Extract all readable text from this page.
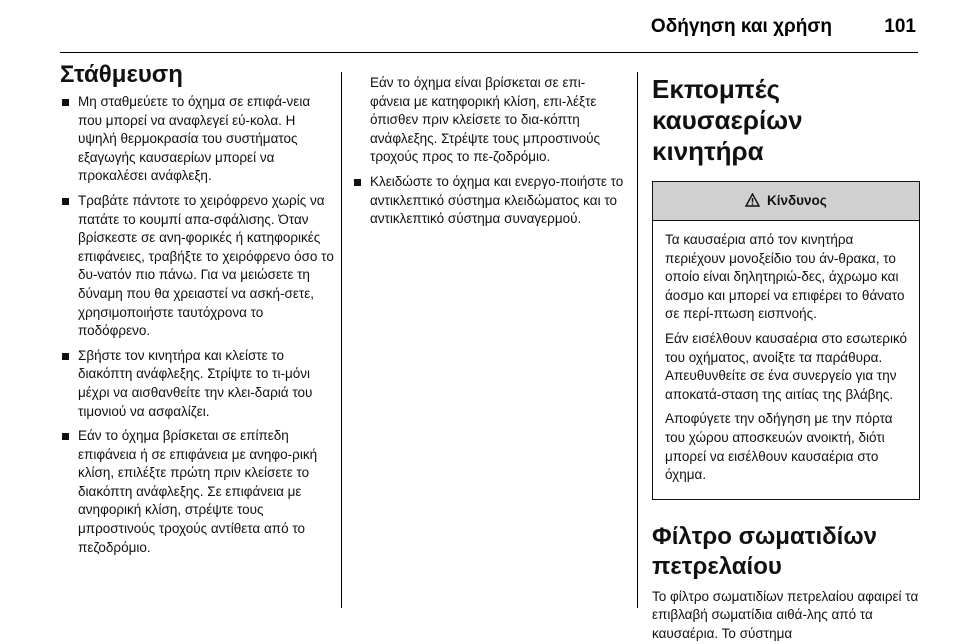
Οδήγηση και χρήση	101
Στάθμευση
Μη σταθμεύετε το όχημα σε επιφά-νεια που μπορεί να αναφλεγεί εύ-κολα. Η υψηλή θερμοκρασία του συστήματος εξαγωγής καυσαερίων μπορεί να προκαλέσει ανάφλεξη.
Τραβάτε πάντοτε το χειρόφρενο χωρίς να πατάτε το κουμπί απα-σφάλισης. Όταν βρίσκεστε σε ανη-φορικές ή κατηφορικές επιφάνειες, τραβήξτε το χειρόφρενο όσο το δυ-νατόν πιο πάνω. Για να μειώσετε τη δύναμη που θα χρειαστεί να ασκή-σετε, χρησιμοποιήστε ταυτόχρονα το ποδόφρενο.
Σβήστε τον κινητήρα και κλείστε το διακόπτη ανάφλεξης. Στρίψτε το τι-μόνι μέχρι να αισθανθείτε την κλει-δαριά του τιμονιού να ασφαλίζει.
Εάν το όχημα βρίσκεται σε επίπεδη επιφάνεια ή σε επιφάνεια με ανηφο-ρική κλίση, επιλέξτε πρώτη πριν κλείσετε το διακόπτη ανάφλεξης. Σε επιφάνεια με ανηφορική κλίση, στρέψτε τους μπροστινούς τροχούς αντίθετα από το πεζοδρόμιο.

Εάν το όχημα είναι βρίσκεται σε επι-φάνεια με κατηφορική κλίση, επι-λέξτε όπισθεν πριν κλείσετε το δια-κόπτη ανάφλεξης. Στρέψτε τους μπροστινούς τροχούς προς το πε-ζοδρόμιο.

Κλειδώστε το όχημα και ενεργο-ποιήστε το αντικλεπτικό σύστημα κλειδώματος και το αντικλεπτικό σύστημα συναγερμού.
Εκπομπές καυσαερίων κινητήρα
Κίνδυνος

Τα καυσαέρια από τον κινητήρα περιέχουν μονοξείδιο του άν-θρακα, το οποίο είναι δηλητηριώ-δες, άχρωμο και άοσμο και μπορεί να επιφέρει το θάνατο σε περί-πτωση εισπνοής.

Εάν εισέλθουν καυσαέρια στο εσωτερικό του οχήματος, ανοίξτε τα παράθυρα. Απευθυνθείτε σε ένα συνεργείο για την αποκατά-σταση της αιτίας της βλάβης.

Αποφύγετε την οδήγηση με την πόρτα του χώρου αποσκευών ανοικτή, διότι μπορεί να εισέλθουν καυσαέρια στο όχημα.

Φίλτρο σωματιδίων πετρελαίου

Το φίλτρο σωματιδίων πετρελαίου αφαιρεί τα επιβλαβή σωματίδια αιθά-λης από τα καυσαέρια. Το σύστημα
